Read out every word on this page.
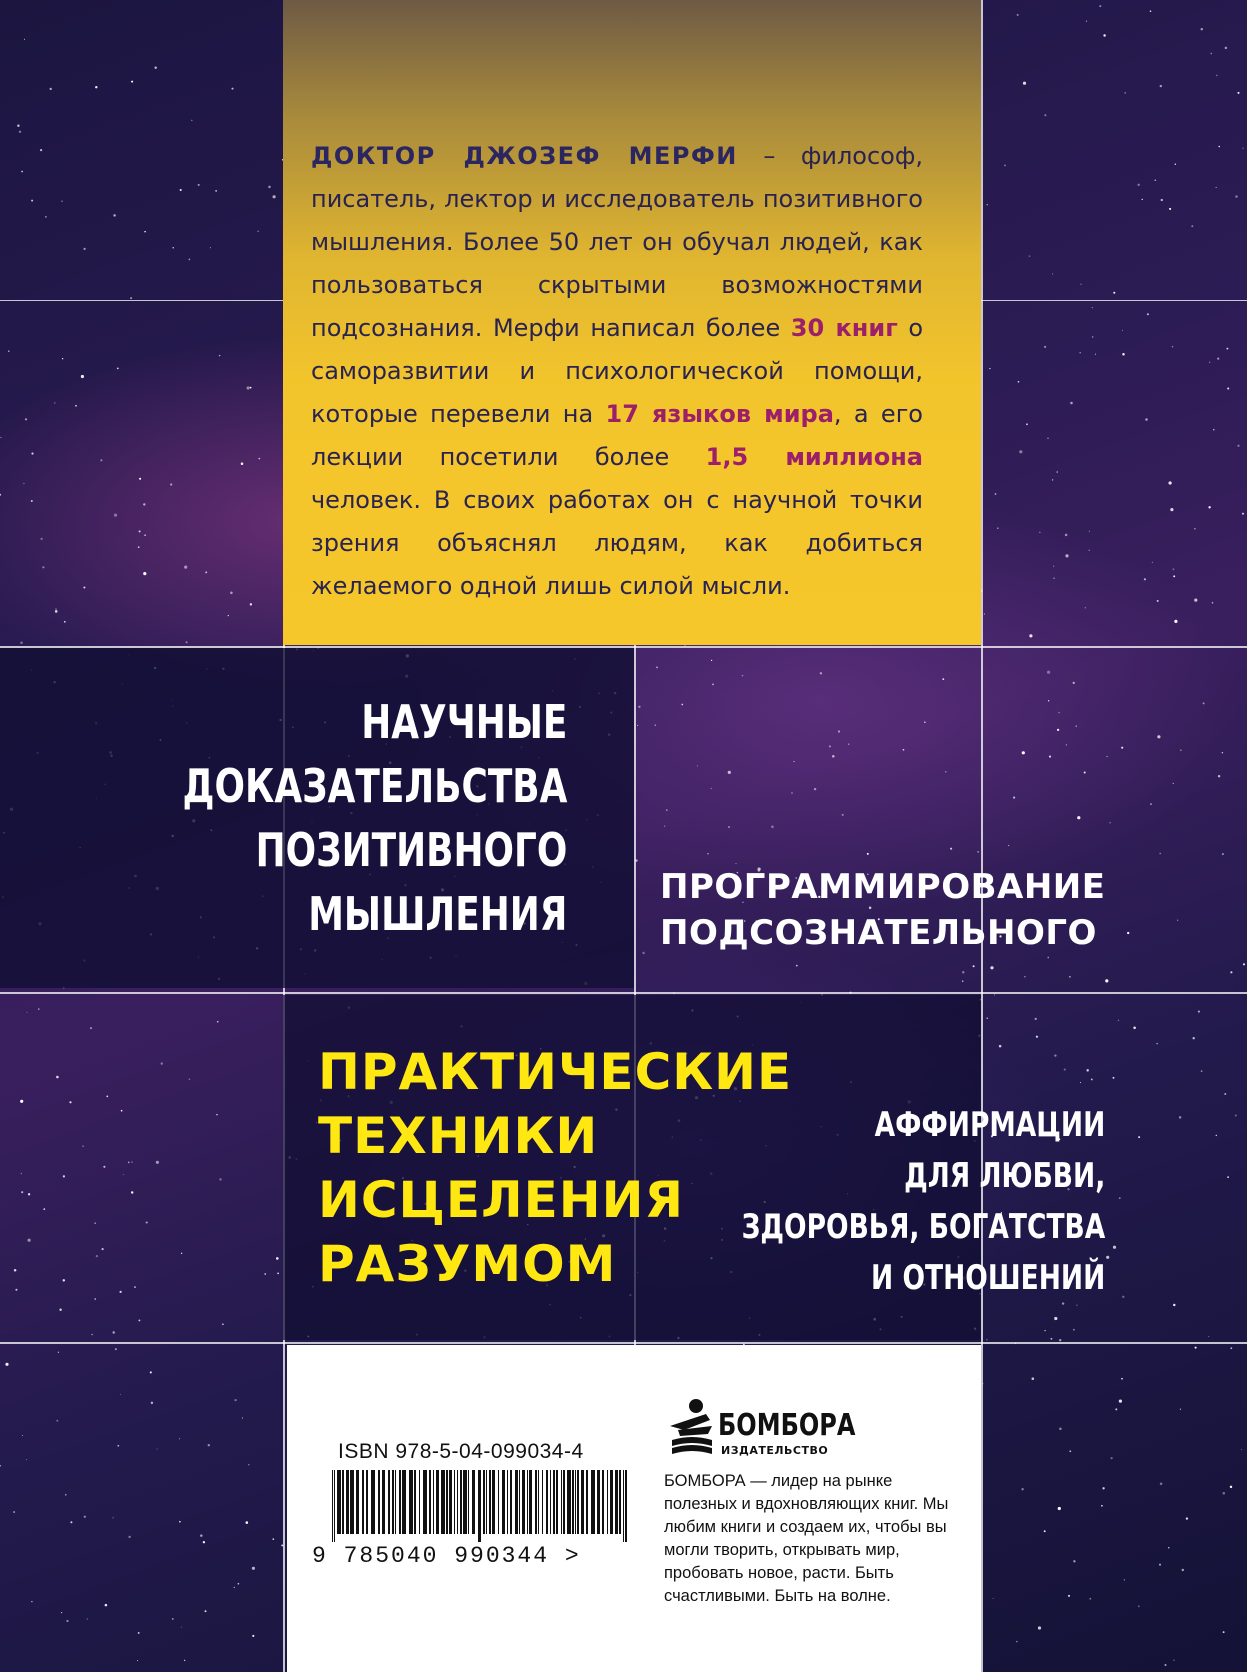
ДОКТОР ДЖОЗЕФ МЕРФИ – философ, писатель, лектор и исследователь позитивного мышления. Более 50 лет он обучал людей, как пользоваться скрытыми возможностями подсознания. Мерфи написал более 30 книг о саморазвитии и психологической помощи, которые перевели на 17 языков мира, а его лекции посетили более 1,5 миллиона человек. В своих работах он с научной точки зрения объяснял людям, как добиться желаемого одной лишь силой мысли.

НАУЧНЫЕ
ДОКАЗАТЕЛЬСТВА
ПОЗИТИВНОГО
МЫШЛЕНИЯ	ПРОГРАММИРОВАНИЕ
ПОДСОЗНАТЕЛЬНОГО
ПРАКТИЧЕСКИЕ
ТЕХНИКИ
ИСЦЕЛЕНИЯ
РАЗУМОМ
АФФИРМАЦИИ
ДЛЯ ЛЮБВИ,
ЗДОРОВЬЯ, БОГАТСТВА
И ОТНОШЕНИЙ
ISBN 978-5-04-099034-4
9 785040 990344 >
БОМБОРА
ИЗДАТЕЛЬСТВО

БОМБОРА — лидер на рынке полезных и вдохновляющих книг. Мы любим книги и создаем их, чтобы вы могли творить, открывать мир, пробовать новое, расти. Быть счастливыми. Быть на волне.
